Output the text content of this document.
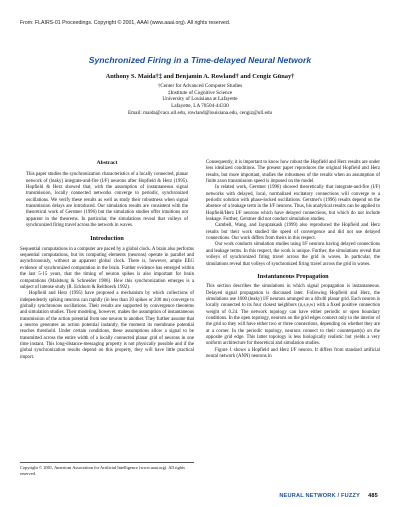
From: FLAIRS-01 Proceedings. Copyright © 2001, AAAI (www.aaai.org). All rights reserved.
Synchronized Firing in a Time-delayed Neural Network
Anthony S. Maida†‡ and Benjamin A. Rowland† and Cengiz Günay†
†Center for Advanced Computer Studies
‡Institute of Cognitive Science
University of Louisiana at Lafayette
Lafayette, LA 70504-44330
Email: maida@cacs.ull.edu, rowland@louisiana.edu, cengiz@ull.edu
Abstract
This paper studies the synchronization characteristics of a locally connected, planar network of (leaky) integrate-and-fire (I/F) neurons after Hopfield & Herz (1995). Hopfield & Herz showed that, with the assumption of instantaneous signal transmission, locally connected networks converge to periodic, synchronized oscillations. We verify these results as well as study their robustness when signal transmission delays are introduced. Our simulation results are consistent with the theoretical work of Gerstner (1996) but the simulation studies offer intuitions not apparent in the theorems. In particular, the simulations reveal that volleys of synchronized firing travel across the network in waves.
Introduction

Sequential computations in a computer are paced by a global clock. A brain also performs sequential computations, but its computing elements (neurons) operate in parallel and asynchronously, without an apparent global clock. There is, however, ample EEG evidence of synchronized computation in the brain. Further evidence has emerged within the last 5-15 years, that the timing of neuron spikes is also important for brain computations (Malsburg & Schneider 1986). How this synchronization emerges is a subject of intense study (R. Eckhorn & Reitboeck 1992).

Hopfield and Herz (1995) have proposed a mechanism by which collections of independently spiking neurons can rapidly (in less than 20 spikes or 200 ms) converge to globally synchronous oscillations. Their results are supported by convergence theorems and simulation studies. Their modeling, however, makes the assumption of instantaneous transmission of the action potential from one neuron to another. They further assume that a neuron generates an action potential instantly, the moment its membrane potential reaches threshold. Under certain conditions, these assumptions allow a signal to be transmitted across the entire width of a locally connected planar grid of neurons in one time instant. This long-distance-messaging property is not physically possible and if the global synchronization results depend on this property, they will have little practical import.

Copyright © 2001, American Association for Artificial Intelligence (www.aaai.org). All rights reserved.

Consequently, it is important to know how robust the Hopfield and Herz results are under less idealized conditions. The present paper reproduces the original Hopfield and Herz results, but more important, studies the robustness of the results when an assumption of finite axon transmission speed is imposed on the model.

In related work, Gerstner (1996) showed theoretically that integrate-and-fire (I/F) networks with delayed, local, normalized excitatory connections will converge to a periodic solution with phase-locked oscillations. Gerstner's (1996) results depend on the absence of a leakage term in the I/F neurons. Thus, his analytical results can be applied to Hopfield/Herz I/F neurons which have delayed connections, but which do not include leakage. Further, Gerstner did not conduct simulation studies.

Cambell, Wang, and Jayaprakash (1999) also reproduced the Hopfield and Herz results but their work studied the speed of convergence and did not use delayed connections. Our work differs from theirs in this respect.

Our work conducts simulation studies using I/F neurons having delayed connections and leakage terms. In this respect, the work is unique. Further, the simulations reveal that volleys of synchronized firing travel across the grid in waves. In particular, the simulations reveal that volleys of synchronized firing travel across the grid in waves.

Instantaneous Propagation

This section describes the simulations in which signal propagation is instantaneous. Delayed signal propagation is discussed later. Following Hopfield and Herz, the simulations use 1600 (leaky) I/F neurons arranged on a 40x40 planar grid. Each neuron is locally connected to its four closest neighbors (n,s,e,w) with a fixed positive connection weight of 0.24. The network topology can have either periodic or open boundary conditions. In the open topology, neurons on the grid edges connect only to the interior of the grid so they will have either two or three connections, depending on whether they are at a corner. In the periodic topology, neurons connect to their counterpart(s) on the opposite grid edge. This latter topology is less biologically realistic but yields a very uniform architecture for theoretical and simulation studies.

Figure 1 shows a Hopfield and Herz I/F neuron. It differs from standard artificial neural network (ANN) neurons in

NEURAL NETWORK / FUZZY 485
